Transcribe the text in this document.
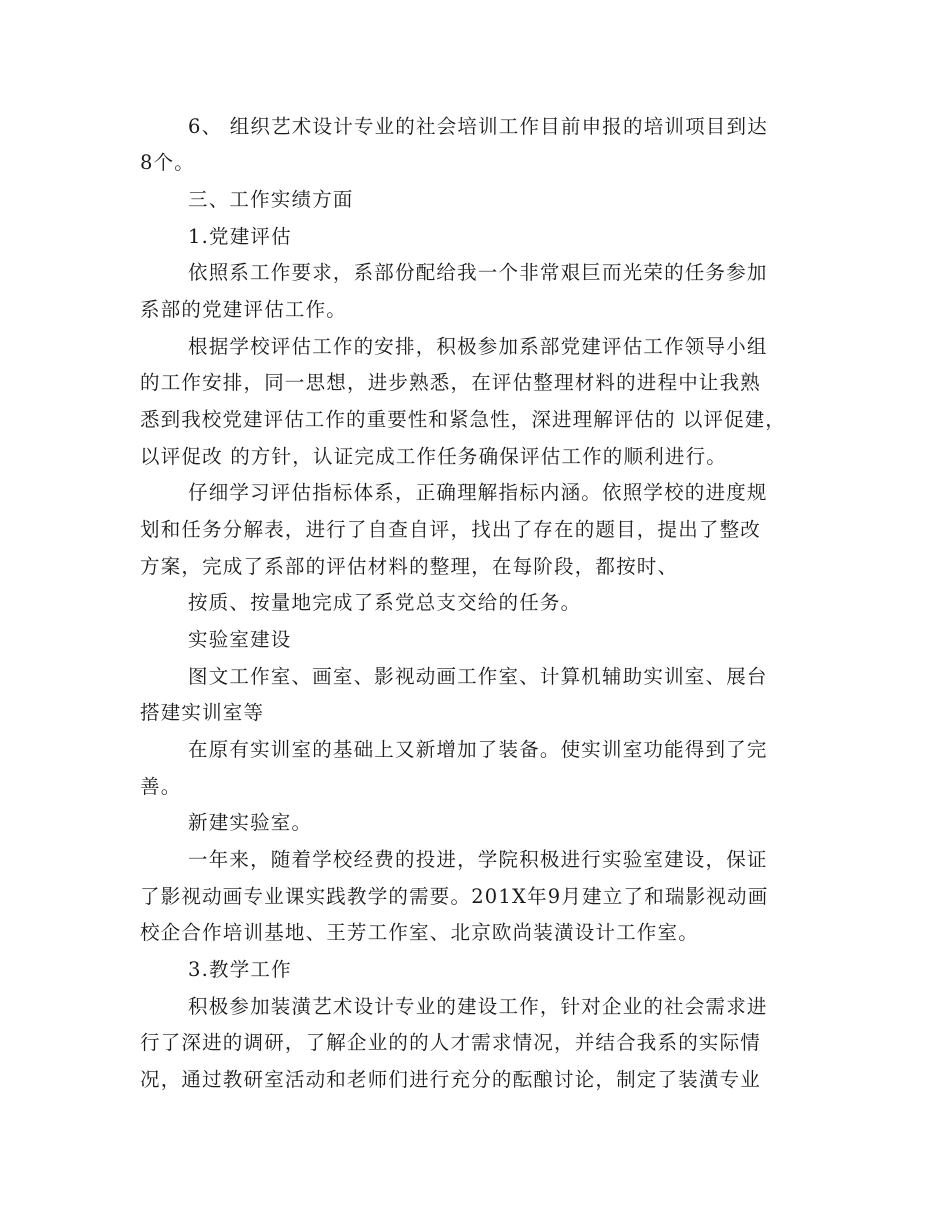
6、 组织艺术设计专业的社会培训工作目前申报的培训项目到达
8个。
三、工作实绩方面
1.党建评估
依照系工作要求，系部份配给我一个非常艰巨而光荣的任务参加
系部的党建评估工作。
根据学校评估工作的安排，积极参加系部党建评估工作领导小组
的工作安排，同一思想，进步熟悉，在评估整理材料的进程中让我熟
悉到我校党建评估工作的重要性和紧急性，深进理解评估的 以评促建，
以评促改 的方针，认证完成工作任务确保评估工作的顺利进行。
仔细学习评估指标体系，正确理解指标内涵。依照学校的进度规
划和任务分解表，进行了自查自评，找出了存在的题目，提出了整改
方案，完成了系部的评估材料的整理，在每阶段，都按时、
按质、按量地完成了系党总支交给的任务。
实验室建设
图文工作室、画室、影视动画工作室、计算机辅助实训室、展台
搭建实训室等
在原有实训室的基础上又新增加了装备。使实训室功能得到了完
善。
新建实验室。
一年来，随着学校经费的投进，学院积极进行实验室建设，保证
了影视动画专业课实践教学的需要。201X年9月建立了和瑞影视动画
校企合作培训基地、王芳工作室、北京欧尚装潢设计工作室。
3.教学工作
积极参加装潢艺术设计专业的建设工作，针对企业的社会需求进
行了深进的调研，了解企业的的人才需求情况，并结合我系的实际情
况，通过教研室活动和老师们进行充分的酝酿讨论，制定了装潢专业
